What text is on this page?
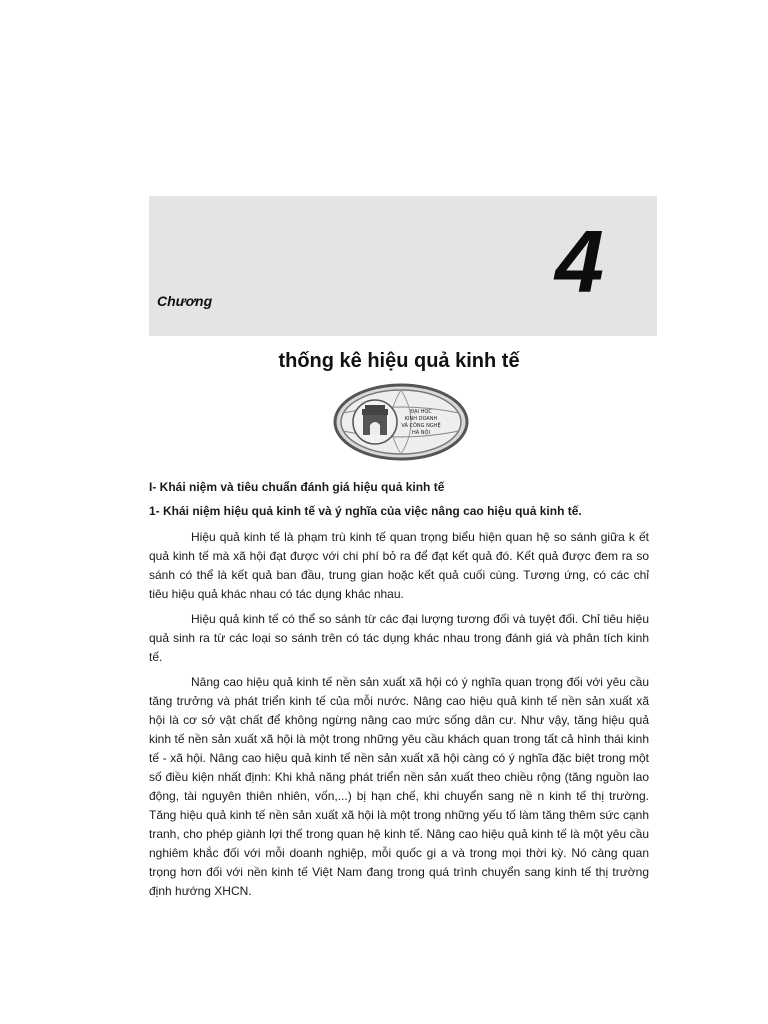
Chương	4
thống kê hiệu quả kinh tế
ĐẠI HỌC
KINH DOANH
VÀ CÔNG NGHỆ
HÀ NỘI
I- Khái niệm và tiêu chuẩn đánh giá hiệu quả kinh tế
1- Khái niệm hiệu quả kinh tế và ý nghĩa của việc nâng cao hiệu quả kinh tế.

Hiệu quả kinh tế là phạm trù kinh tế quan trọng biểu hiện quan hệ so sánh giữa k ết quả kinh tế mà xã hội đạt được với chi phí bỏ ra để đạt kết quả đó. Kết quả được đem ra so sánh có thể là kết quả ban đầu, trung gian hoặc kết quả cuối cùng. Tương ứng, có các chỉ tiêu hiệu quả khác nhau có tác dụng khác nhau.

Hiệu quả kinh tế có thể so sánh từ các đại lượng tương đối và tuyệt đối. Chỉ tiêu hiệu quả sinh ra từ các loại so sánh trên có tác dụng khác nhau trong đánh giá và phân tích kinh tế.

Nâng cao hiệu quả kinh tế nền sản xuất xã hội có ý nghĩa quan trọng đối với yêu cầu tăng trưởng và phát triển kinh tế của mỗi nước. Nâng cao hiệu quả kinh tế nền sản xuất xã hội là cơ sở vật chất để không ngừng nâng cao mức sống dân cư. Như vậy, tăng hiệu quả kinh tế nền sản xuất xã hội là một trong những yêu cầu khách quan trong tất cả hình thái kinh tế - xã hội. Nâng cao hiệu quả kinh tế nền sản xuất xã hội càng có ý nghĩa đặc biệt trong một số điều kiện nhất định: Khi khả năng phát triển nền sản xuất theo chiều rộng (tăng nguồn lao động, tài nguyên thiên nhiên, vốn,...) bị hạn chế, khi chuyển sang nề n kinh tế thị trường. Tăng hiệu quả kinh tế nền sản xuất xã hội là một trong những yếu tố làm tăng thêm sức cạnh tranh, cho phép giành lợi thế trong quan hệ kinh tế. Nâng cao hiệu quả kinh tế là một yêu cầu nghiêm khắc đối với mỗi doanh nghiệp, mỗi quốc gi a và trong mọi thời kỳ. Nó càng quan trọng hơn đối với nền kinh tế Việt Nam đang trong quá trình chuyển sang kinh tế thị trường định hướng XHCN.
